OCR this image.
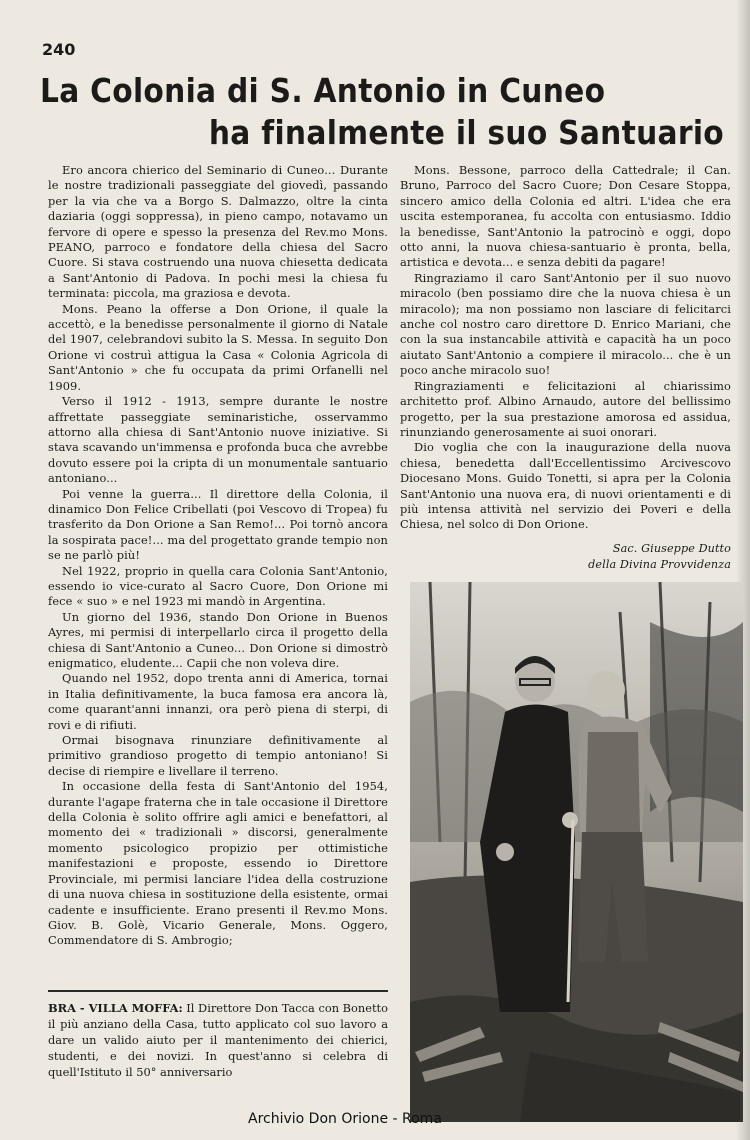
240
La Colonia di S. Antonio in Cuneo
ha finalmente il suo Santuario

Ero ancora chierico del Seminario di Cuneo... Durante le nostre tradizionali passeggiate del giovedì, passando per la via che va a Borgo S. Dalmazzo, oltre la cinta daziaria (oggi soppressa), in pieno campo, notavamo un fervore di opere e spesso la presenza del Rev.mo Mons. PEANO, parroco e fondatore della chiesa del Sacro Cuore. Si stava costruendo una nuova chiesetta dedicata a Sant'Antonio di Padova. In pochi mesi la chiesa fu terminata: piccola, ma graziosa e devota.

Mons. Peano la offerse a Don Orione, il quale la accettò, e la benedisse personalmente il giorno di Natale del 1907, celebrandovi subito la S. Messa. In seguito Don Orione vi costruì attigua la Casa « Colonia Agricola di Sant'Antonio » che fu occupata da primi Orfanelli nel 1909.

Verso il 1912 - 1913, sempre durante le nostre affrettate passeggiate seminaristiche, osservammo attorno alla chiesa di Sant'Antonio nuove iniziative. Si stava scavando un'immensa e profonda buca che avrebbe dovuto essere poi la cripta di un monumentale santuario antoniano...

Poi venne la guerra... Il direttore della Colonia, il dinamico Don Felice Cribellati (poi Vescovo di Tropea) fu trasferito da Don Orione a San Remo!... Poi tornò ancora la sospirata pace!... ma del progettato grande tempio non se ne parlò più!

Nel 1922, proprio in quella cara Colonia Sant'Antonio, essendo io vice-curato al Sacro Cuore, Don Orione mi fece « suo » e nel 1923 mi mandò in Argentina.

Un giorno del 1936, stando Don Orione in Buenos Ayres, mi permisi di interpellarlo circa il progetto della chiesa di Sant'Antonio a Cuneo... Don Orione si dimostrò enigmatico, eludente... Capii che non voleva dire.

Quando nel 1952, dopo trenta anni di America, tornai in Italia definitivamente, la buca famosa era ancora là, come quarant'anni innanzi, ora però piena di sterpi, di rovi e di rifiuti.

Ormai bisognava rinunziare definitivamente al primitivo grandioso progetto di tempio antoniano! Si decise di riempire e livellare il terreno.

In occasione della festa di Sant'Antonio del 1954, durante l'agape fraterna che in tale occasione il Direttore della Colonia è solito offrire agli amici e benefattori, al momento dei « tradizionali » discorsi, generalmente momento psicologico propizio per ottimistiche manifestazioni e proposte, essendo io Direttore Provinciale, mi permisi lanciare l'idea della costruzione di una nuova chiesa in sostituzione della esistente, ormai cadente e insufficiente. Erano presenti il Rev.mo Mons. Giov. B. Golè, Vicario Generale, Mons. Oggero, Commendatore di S. Ambrogio;

Mons. Bessone, parroco della Cattedrale; il Can. Bruno, Parroco del Sacro Cuore; Don Cesare Stoppa, sincero amico della Colonia ed altri. L'idea che era uscita estemporanea, fu accolta con entusiasmo. Iddio la benedisse, Sant'Antonio la patrocinò e oggi, dopo otto anni, la nuova chiesa-santuario è pronta, bella, artistica e devota... e senza debiti da pagare!

Ringraziamo il caro Sant'Antonio per il suo nuovo miracolo (ben possiamo dire che la nuova chiesa è un miracolo); ma non possiamo non lasciare di felicitarci anche col nostro caro direttore D. Enrico Mariani, che con la sua instancabile attività e capacità ha un poco aiutato Sant'Antonio a compiere il miracolo... che è un poco anche miracolo suo!

Ringraziamenti e felicitazioni al chiarissimo architetto prof. Albino Arnaudo, autore del bellissimo progetto, per la sua prestazione amorosa ed assidua, rinunziando generosamente ai suoi onorari.

Dio voglia che con la inaugurazione della nuova chiesa, benedetta dall'Eccellentissimo Arcivescovo Diocesano Mons. Guido Tonetti, si apra per la Colonia Sant'Antonio una nuova era, di nuovi orientamenti e di più intensa attività nel servizio dei Poveri e della Chiesa, nel solco di Don Orione.

Sac. Giuseppe Dutto
della Divina Provvidenza
BRA - VILLA MOFFA: Il Direttore Don Tacca con Bonetto il più anziano della Casa, tutto applicato col suo lavoro a dare un valido aiuto per il mantenimento dei chierici, studenti, e dei novizi. In quest'anno si celebra di quell'Istituto il 50° anniversario
Archivio Don Orione - Roma
